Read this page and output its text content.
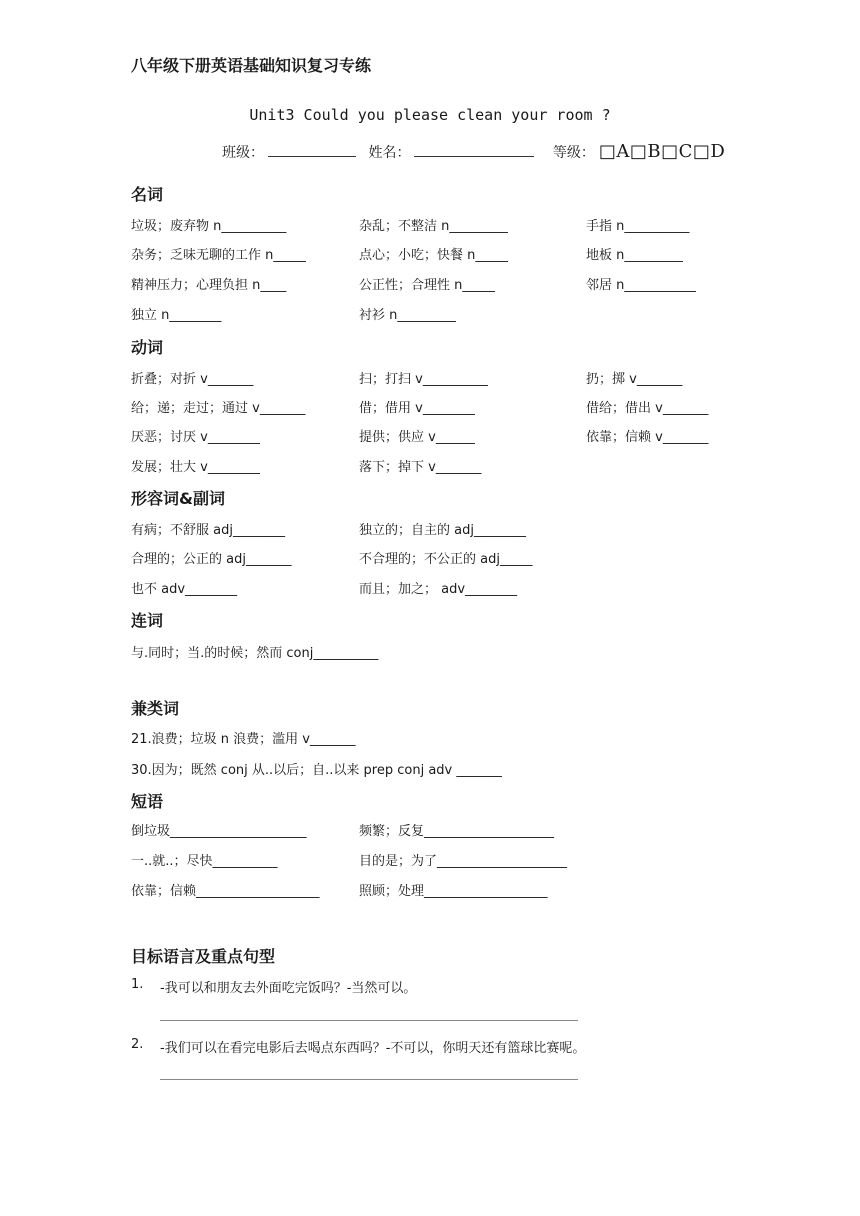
八年级下册英语基础知识复习专练
Unit3 Could you please clean your room ?
班级：	姓名：	等级： □A□B□C□D
名词
垃圾；废弃物 n__________	杂乱；不整洁 n_________	手指 n__________
杂务；乏味无聊的工作 n_____	点心；小吃；快餐 n_____	地板 n_________
精神压力；心理负担 n____	公正性；合理性 n_____	邻居 n___________
独立 n________	衬衫 n_________
动词
折叠；对折 v_______	扫；打扫 v__________	扔；掷 v_______
给；递；走过；通过 v_______	借；借用 v________	借给；借出 v_______
厌恶；讨厌 v________	提供；供应 v______	依靠；信赖 v_______
发展；壮大 v________	落下；掉下 v_______
形容词&副词
有病；不舒服 adj________	独立的；自主的 adj________
合理的；公正的 adj_______	不合理的；不公正的 adj_____
也不 adv________	而且；加之； adv________
连词
与.同时；当.的时候；然而 conj__________
兼类词
21.浪费；垃圾 n 浪费；滥用 v_______
30.因为；既然 conj 从..以后；自..以来 prep conj adv _______
短语
倒垃圾_____________________	频繁；反复____________________
一..就..；尽快__________	目的是；为了____________________
依靠；信赖___________________	照顾；处理___________________
目标语言及重点句型
1. -我可以和朋友去外面吃完饭吗？-当然可以。
2. -我们可以在看完电影后去喝点东西吗？-不可以，你明天还有篮球比赛呢。
